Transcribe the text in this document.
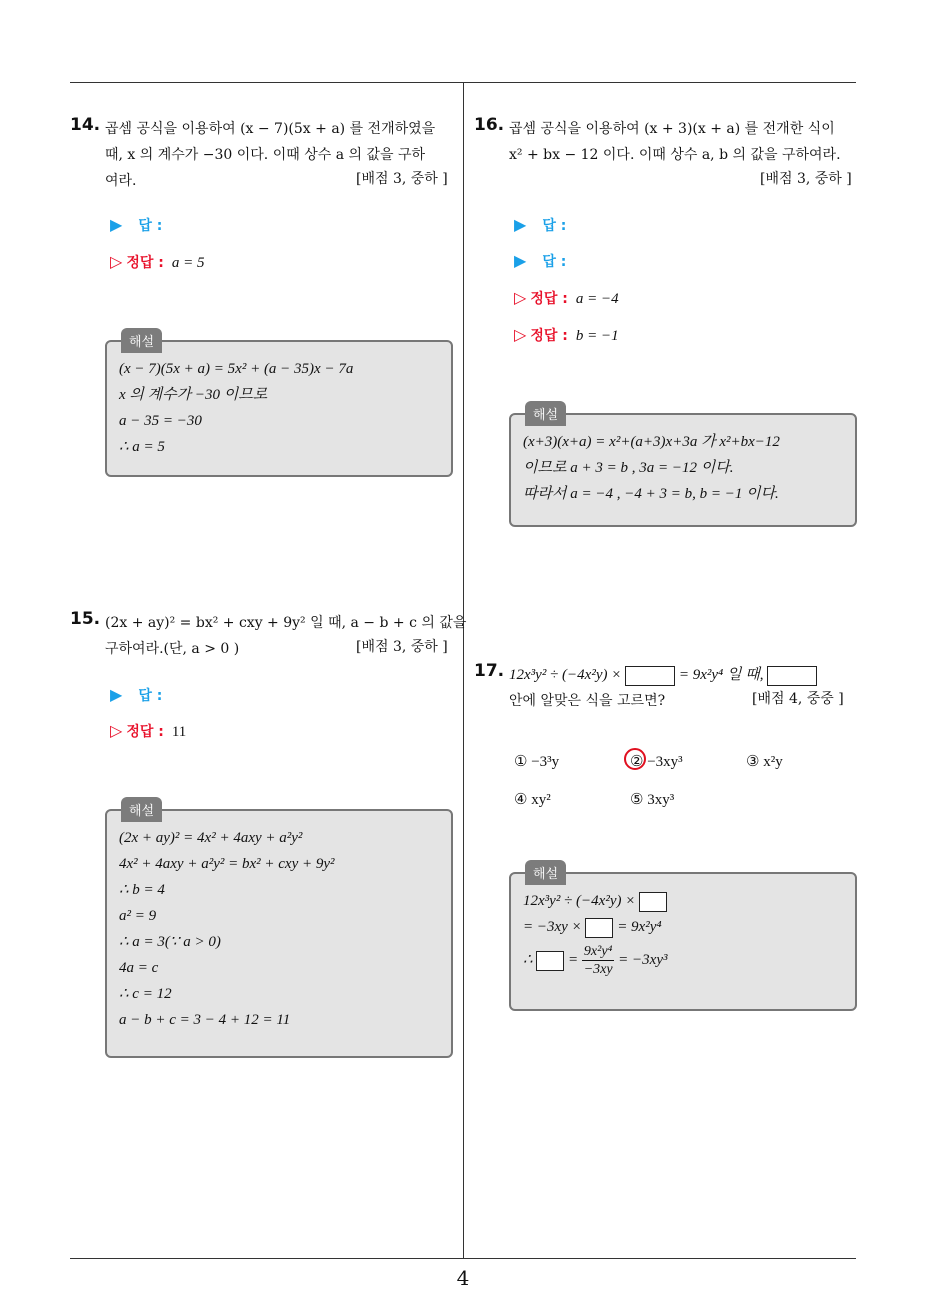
4
14. 곱셈 공식을 이용하여 (x − 7)(5x + a) 를 전개하였을
때, x 의 계수가 −30 이다. 이때 상수 a 의 값을 구하
여라.	[배점 3, 중하 ]
▶ 답 :
▷ 정답 : a = 5
해설
(x − 7)(5x + a) = 5x² + (a − 35)x − 7a
x 의 계수가 −30 이므로
a − 35 = −30
∴ a = 5
15. (2x + ay)² = bx² + cxy + 9y² 일 때, a − b + c 의 값을
구하여라.(단, a > 0 )	[배점 3, 중하 ]
▶ 답 :
▷ 정답 : 11
해설
(2x + ay)² = 4x² + 4axy + a²y²
4x² + 4axy + a²y² = bx² + cxy + 9y²
∴ b = 4
a² = 9
∴ a = 3(∵ a > 0)
4a = c
∴ c = 12
a − b + c = 3 − 4 + 12 = 11
16. 곱셈 공식을 이용하여 (x + 3)(x + a) 를 전개한 식이
x² + bx − 12 이다. 이때 상수 a, b 의 값을 구하여라.
[배점 3, 중하 ]
▶ 답 :
▶ 답 :
▷ 정답 : a = −4
▷ 정답 : b = −1
해설
(x+3)(x+a) = x²+(a+3)x+3a 가 x²+bx−12
이므로 a + 3 = b , 3a = −12 이다.
따라서 a = −4 , −4 + 3 = b, b = −1 이다.
17. 12x³y² ÷ (−4x²y) ×	= 9x²y⁴ 일 때,
안에 알맞은 식을 고르면?	[배점 4, 중중 ]
① −3³y	② −3xy³	③ x²y
④ xy²	⑤ 3xy³
해설
12x³y² ÷ (−4x²y) ×
= −3xy × = 9x²y⁴
∴ = $\frac{\text{9x²y⁴}}{-3xy} = -3xy^3$
